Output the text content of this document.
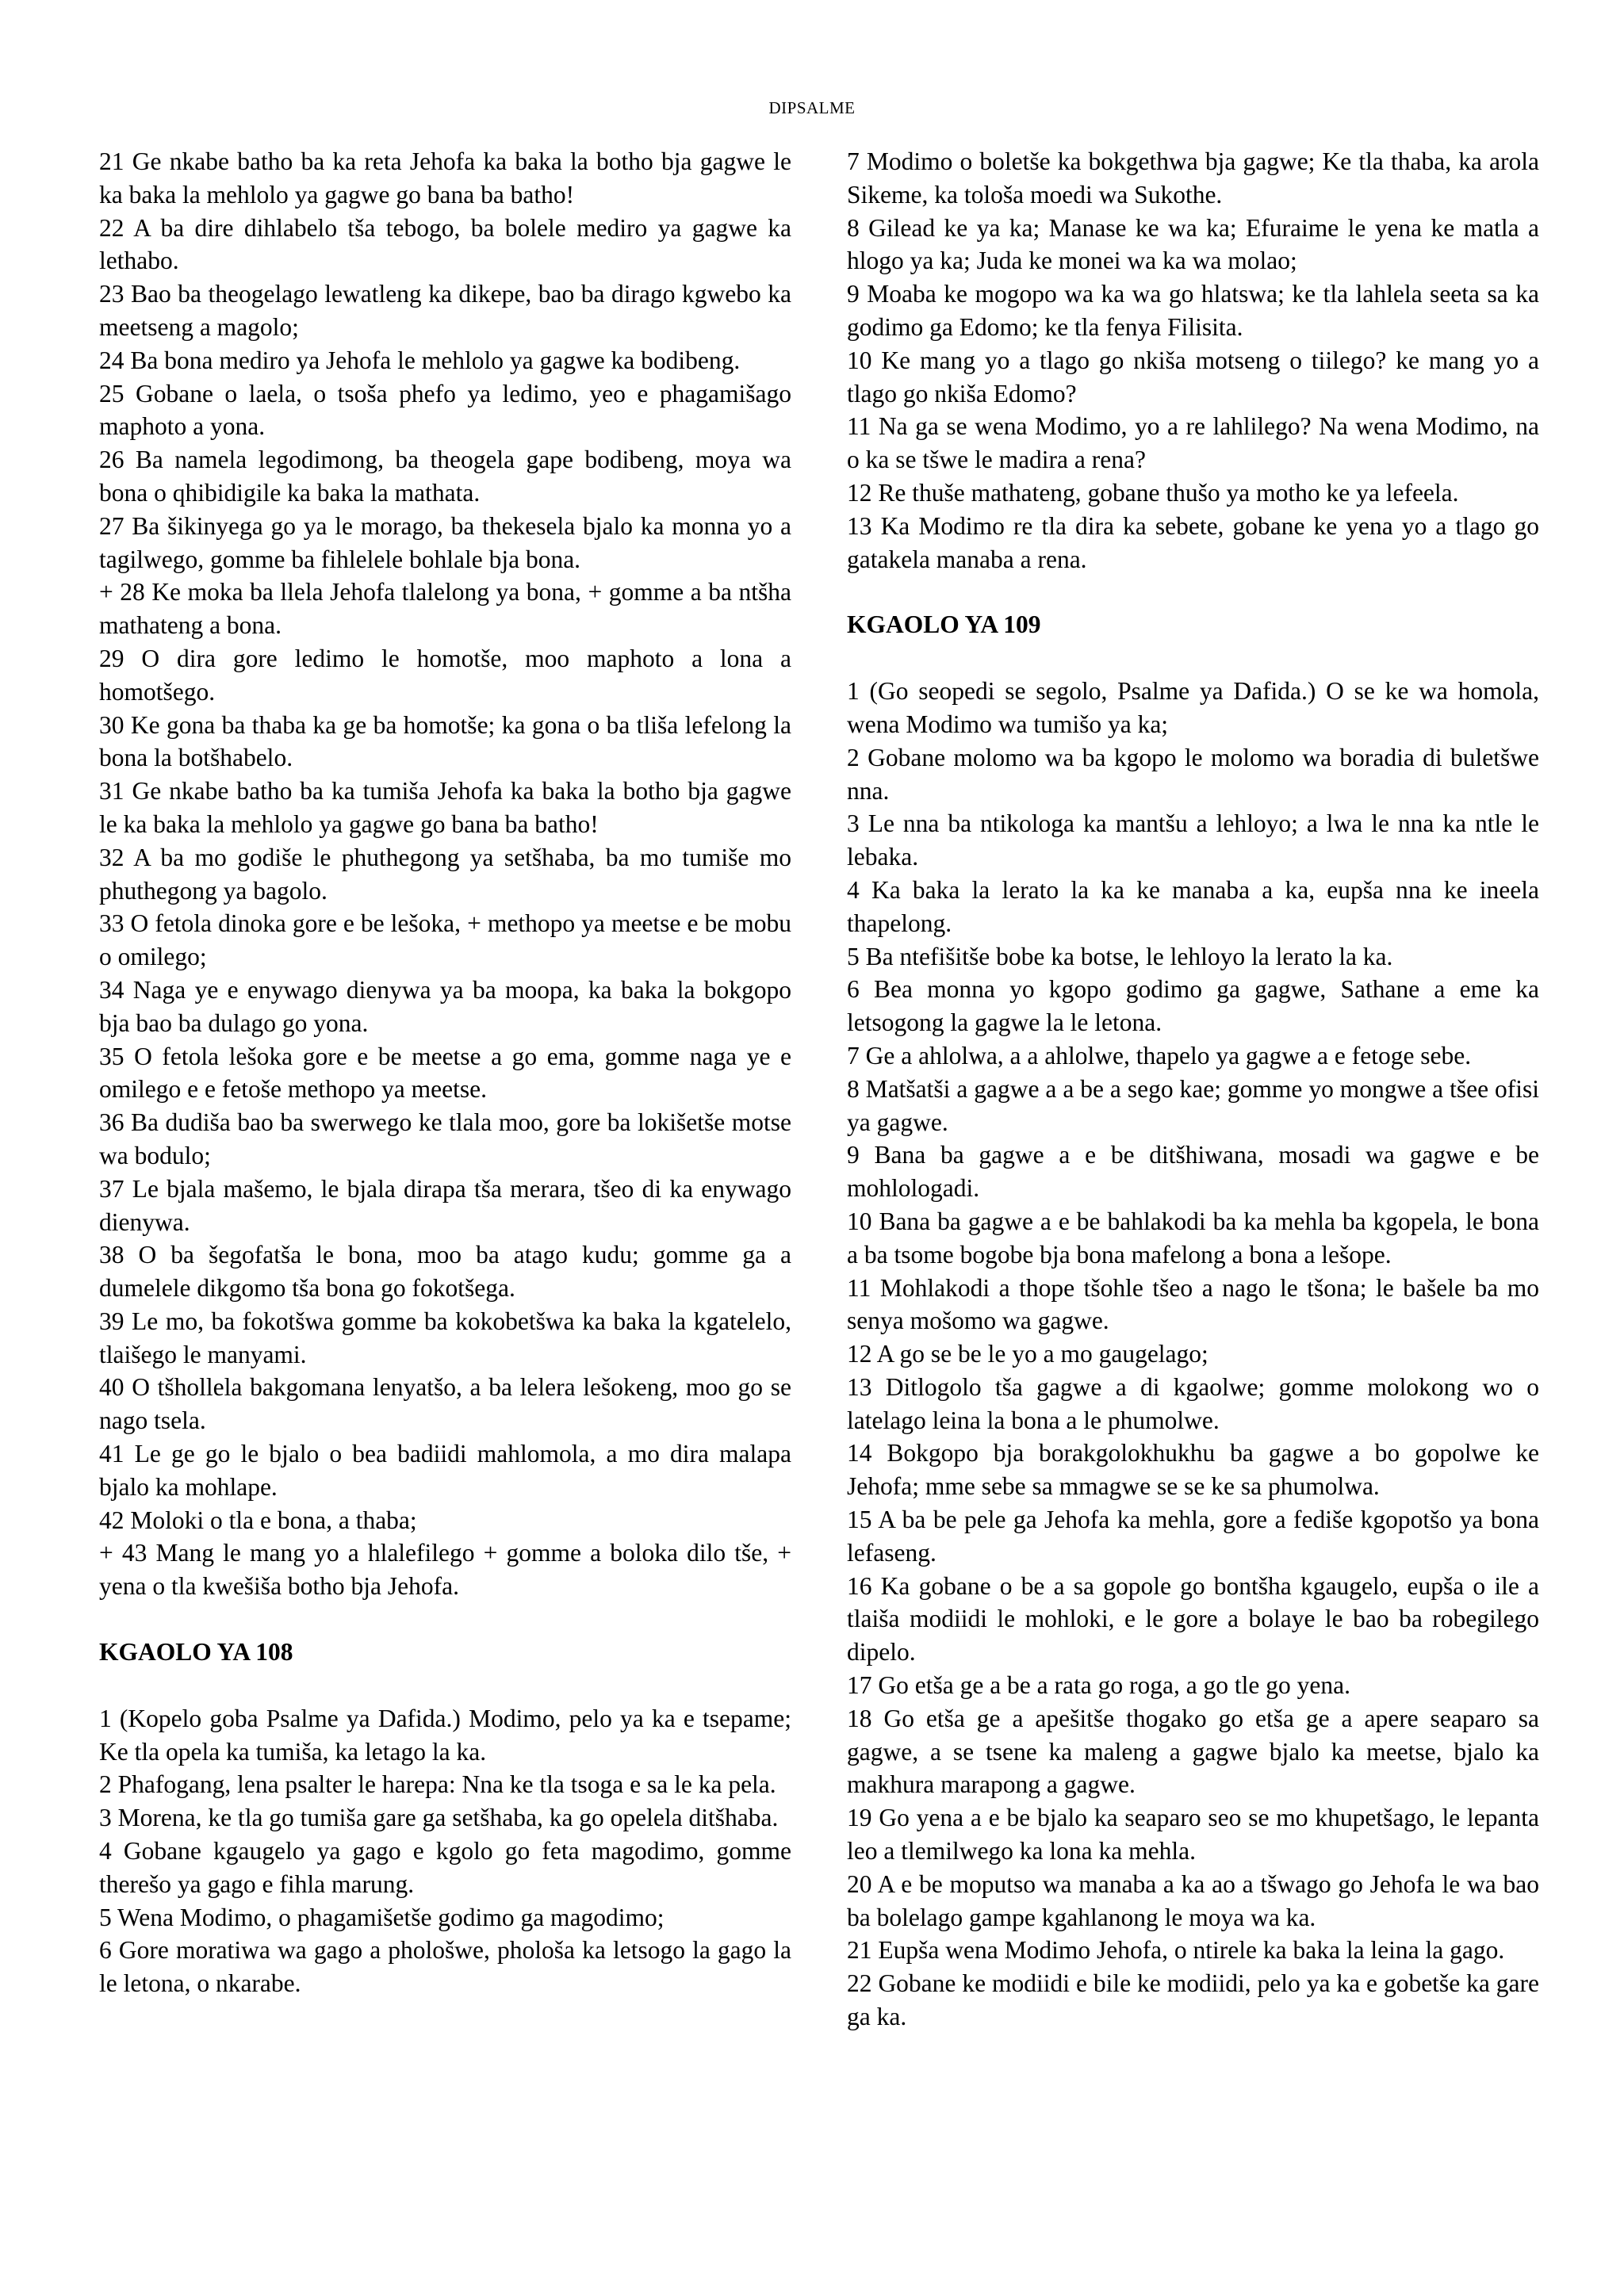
DIPSALME

21 Ge nkabe batho ba ka reta Jehofa ka baka la botho bja gagwe le ka baka la mehlolo ya gagwe go bana ba batho!

22 A ba dire dihlabelo tša tebogo, ba bolele mediro ya gagwe ka lethabo.

23 Bao ba theogelago lewatleng ka dikepe, bao ba dirago kgwebo ka meetseng a magolo;

24 Ba bona mediro ya Jehofa le mehlolo ya gagwe ka bodibeng.

25 Gobane o laela, o tsoša phefo ya ledimo, yeo e phagamišago maphoto a yona.

26 Ba namela legodimong, ba theogela gape bodibeng, moya wa bona o qhibidigile ka baka la mathata.

27 Ba šikinyega go ya le morago, ba thekesela bjalo ka monna yo a tagilwego, gomme ba fihlelele bohlale bja bona.

+ 28 Ke moka ba llela Jehofa tlalelong ya bona, + gomme a ba ntšha mathateng a bona.

29 O dira gore ledimo le homotše, moo maphoto a lona a homotšego.

30 Ke gona ba thaba ka ge ba homotše; ka gona o ba tliša lefelong la bona la botšhabelo.

31 Ge nkabe batho ba ka tumiša Jehofa ka baka la botho bja gagwe le ka baka la mehlolo ya gagwe go bana ba batho!

32 A ba mo godiše le phuthegong ya setšhaba, ba mo tumiše mo phuthegong ya bagolo.

33 O fetola dinoka gore e be lešoka, + methopo ya meetse e be mobu o omilego;

34 Naga ye e enywago dienywa ya ba moopa, ka baka la bokgopo bja bao ba dulago go yona.

35 O fetola lešoka gore e be meetse a go ema, gomme naga ye e omilego e e fetoše methopo ya meetse.

36 Ba dudiša bao ba swerwego ke tlala moo, gore ba lokišetše motse wa bodulo;

37 Le bjala mašemo, le bjala dirapa tša merara, tšeo di ka enywago dienywa.

38 O ba šegofatša le bona, moo ba atago kudu; gomme ga a dumelele dikgomo tša bona go fokotšega.

39 Le mo, ba fokotšwa gomme ba kokobetšwa ka baka la kgatelelo, tlaišego le manyami.

40 O tšhollela bakgomana lenyatšo, a ba lelera lešokeng, moo go se nago tsela.

41 Le ge go le bjalo o bea badiidi mahlomola, a mo dira malapa bjalo ka mohlape.

42 Moloki o tla e bona, a thaba;

+ 43 Mang le mang yo a hlalefilego + gomme a boloka dilo tše, + yena o tla kwešiša botho bja Jehofa.

KGAOLO YA 108

1 (Kopelo goba Psalme ya Dafida.) Modimo, pelo ya ka e tsepame; Ke tla opela ka tumiša, ka letago la ka.

2 Phafogang, lena psalter le harepa: Nna ke tla tsoga e sa le ka pela.

3 Morena, ke tla go tumiša gare ga setšhaba, ka go opelela ditšhaba.

4 Gobane kgaugelo ya gago e kgolo go feta magodimo, gomme therešo ya gago e fihla marung.

5 Wena Modimo, o phagamišetše godimo ga magodimo;

6 Gore moratiwa wa gago a phološwe, phološa ka letsogo la gago la le letona, o nkarabe.

7 Modimo o boletše ka bokgethwa bja gagwe; Ke tla thaba, ka arola Sikeme, ka tološa moedi wa Sukothe.

8 Gilead ke ya ka; Manase ke wa ka; Efuraime le yena ke matla a hlogo ya ka; Juda ke monei wa ka wa molao;

9 Moaba ke mogopo wa ka wa go hlatswa; ke tla lahlela seeta sa ka godimo ga Edomo; ke tla fenya Filisita.

10 Ke mang yo a tlago go nkiša motseng o tiilego? ke mang yo a tlago go nkiša Edomo?

11 Na ga se wena Modimo, yo a re lahlilego? Na wena Modimo, na o ka se tšwe le madira a rena?

12 Re thuše mathateng, gobane thušo ya motho ke ya lefeela.

13 Ka Modimo re tla dira ka sebete, gobane ke yena yo a tlago go gatakela manaba a rena.

KGAOLO YA 109

1 (Go seopedi se segolo, Psalme ya Dafida.) O se ke wa homola, wena Modimo wa tumišo ya ka;

2 Gobane molomo wa ba kgopo le molomo wa boradia di buletšwe nna.

3 Le nna ba ntikologa ka mantšu a lehloyo; a lwa le nna ka ntle le lebaka.

4 Ka baka la lerato la ka ke manaba a ka, eupša nna ke ineela thapelong.

5 Ba ntefišitše bobe ka botse, le lehloyo la lerato la ka.

6 Bea monna yo kgopo godimo ga gagwe, Sathane a eme ka letsogong la gagwe la le letona.

7 Ge a ahlolwa, a a ahlolwe, thapelo ya gagwe a e fetoge sebe.

8 Matšatši a gagwe a a be a sego kae; gomme yo mongwe a tšee ofisi ya gagwe.

9 Bana ba gagwe a e be ditšhiwana, mosadi wa gagwe e be mohlologadi.

10 Bana ba gagwe a e be bahlakodi ba ka mehla ba kgopela, le bona a ba tsome bogobe bja bona mafelong a bona a lešope.

11 Mohlakodi a thope tšohle tšeo a nago le tšona; le bašele ba mo senya mošomo wa gagwe.

12 A go se be le yo a mo gaugelago;

13 Ditlogolo tša gagwe a di kgaolwe; gomme molokong wo o latelago leina la bona a le phumolwe.

14 Bokgopo bja borakgolokhukhu ba gagwe a bo gopolwe ke Jehofa; mme sebe sa mmagwe se se ke sa phumolwa.

15 A ba be pele ga Jehofa ka mehla, gore a fediše kgopotšo ya bona lefaseng.

16 Ka gobane o be a sa gopole go bontšha kgaugelo, eupša o ile a tlaiša modiidi le mohloki, e le gore a bolaye le bao ba robegilego dipelo.

17 Go etša ge a be a rata go roga, a go tle go yena.

18 Go etša ge a apešitše thogako go etša ge a apere seaparo sa gagwe, a se tsene ka maleng a gagwe bjalo ka meetse, bjalo ka makhura marapong a gagwe.

19 Go yena a e be bjalo ka seaparo seo se mo khupetšago, le lepanta leo a tlemilwego ka lona ka mehla.

20 A e be moputso wa manaba a ka ao a tšwago go Jehofa le wa bao ba bolelago gampe kgahlanong le moya wa ka.

21 Eupša wena Modimo Jehofa, o ntirele ka baka la leina la gago.

22 Gobane ke modiidi e bile ke modiidi, pelo ya ka e gobetše ka gare ga ka.
